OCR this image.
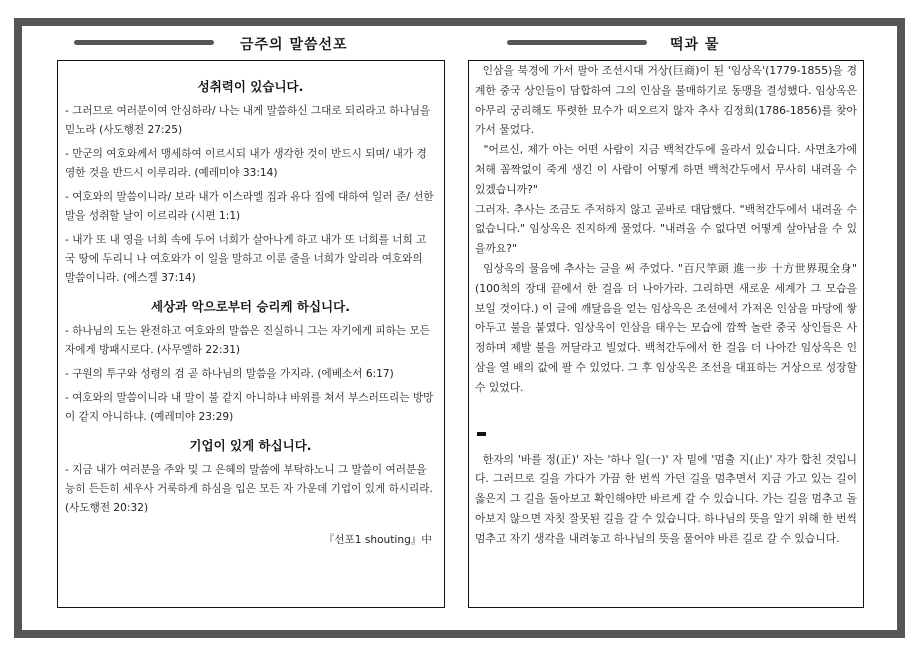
금주의 말씀선포	떡과 물
성취력이 있습니다.

- 그러므로 여러분이여 안심하라/ 나는 내게 말씀하신 그대로 되리라고 하나님을 믿노라 (사도행전 27:25)

- 만군의 여호와께서 맹세하여 이르시되 내가 생각한 것이 반드시 되며/ 내가 경영한 것을 반드시 이루리라. (예레미야 33:14)

- 여호와의 말씀이니라/ 보라 내가 이스라엘 집과 유다 집에 대하여 일러 준/ 선한 말을 성취할 날이 이르리라 (시편 1:1)

- 내가 또 내 영을 너희 속에 두어 너희가 살아나게 하고 내가 또 너희를 너희 고국 땅에 두리니 나 여호와가 이 일을 말하고 이룬 줄을 너희가 알리라 여호와의 말씀이니라. (에스겔 37:14)

세상과 악으로부터 승리케 하십니다.

- 하나님의 도는 완전하고 여호와의 말씀은 진실하니 그는 자기에게 피하는 모든 자에게 방패시로다. (사무엘하 22:31)

- 구원의 투구와 성령의 검 곧 하나님의 말씀을 가지라. (에베소서 6:17)

- 여호와의 말씀이니라 내 말이 불 같지 아니하냐 바위를 쳐서 부스러뜨리는 방망이 같지 아니하냐. (예레미야 23:29)

기업이 있게 하십니다.

- 지금 내가 여러분을 주와 및 그 은혜의 말씀에 부탁하노니 그 말씀이 여러분을 능히 든든히 세우사 거룩하게 하심을 입은 모든 자 가운데 기업이 있게 하시리라. (사도행전 20:32)

『선포1 shouting』中

인삼을 북경에 가서 팔아 조선시대 거상(巨商)이 된 '임상옥'(1779-1855)을 경계한 중국 상인들이 담합하여 그의 인삼을 불매하기로 동맹을 결성했다. 임상옥은 아무리 궁리해도 뚜렷한 묘수가 떠오르지 않자 추사 김정희(1786-1856)를 찾아가서 물었다.

"어르신, 제가 아는 어떤 사람이 지금 백척간두에 올라서 있습니다. 사면초가에 처해 꼼짝없이 죽게 생긴 이 사람이 어떻게 하면 백척간두에서 무사히 내려올 수 있겠습니까?"

그러자. 추사는 조금도 주저하지 않고 곧바로 대답했다. "백척간두에서 내려올 수 없습니다." 임상옥은 진지하게 물었다. "내려올 수 없다면 어떻게 살아남을 수 있을까요?"

임상옥의 물음에 추사는 글을 써 주었다. "百尺竿頭 進一步 十方世界現全身"(100척의 장대 끝에서 한 걸음 더 나아가라. 그리하면 새로운 세계가 그 모습을 보일 것이다.) 이 글에 깨달음을 얻는 임상옥은 조선에서 가져온 인삼을 마당에 쌓아두고 불을 붙였다. 임상옥이 인삼을 태우는 모습에 깜짝 놀란 중국 상인들은 사정하며 제발 불을 꺼달라고 빌었다. 백척간두에서 한 걸음 더 나아간 임상옥은 인삼을 열 배의 값에 팔 수 있었다. 그 후 임상옥은 조선을 대표하는 거상으로 성장할 수 있었다.

한자의 '바를 정(正)' 자는 '하나 일(一)' 자 밑에 '멈출 지(止)' 자가 합친 것입니다. 그러므로 길을 가다가 가끔 한 번씩 가던 길을 멈추면서 지금 가고 있는 길이 옳은지 그 길을 돌아보고 확인해야만 바르게 갈 수 있습니다. 가는 길을 멈추고 돌아보지 않으면 자칫 잘못된 길을 갈 수 있습니다. 하나님의 뜻을 알기 위해 한 번씩 멈추고 자기 생각을 내려놓고 하나님의 뜻을 물어야 바른 길로 갈 수 있습니다.
